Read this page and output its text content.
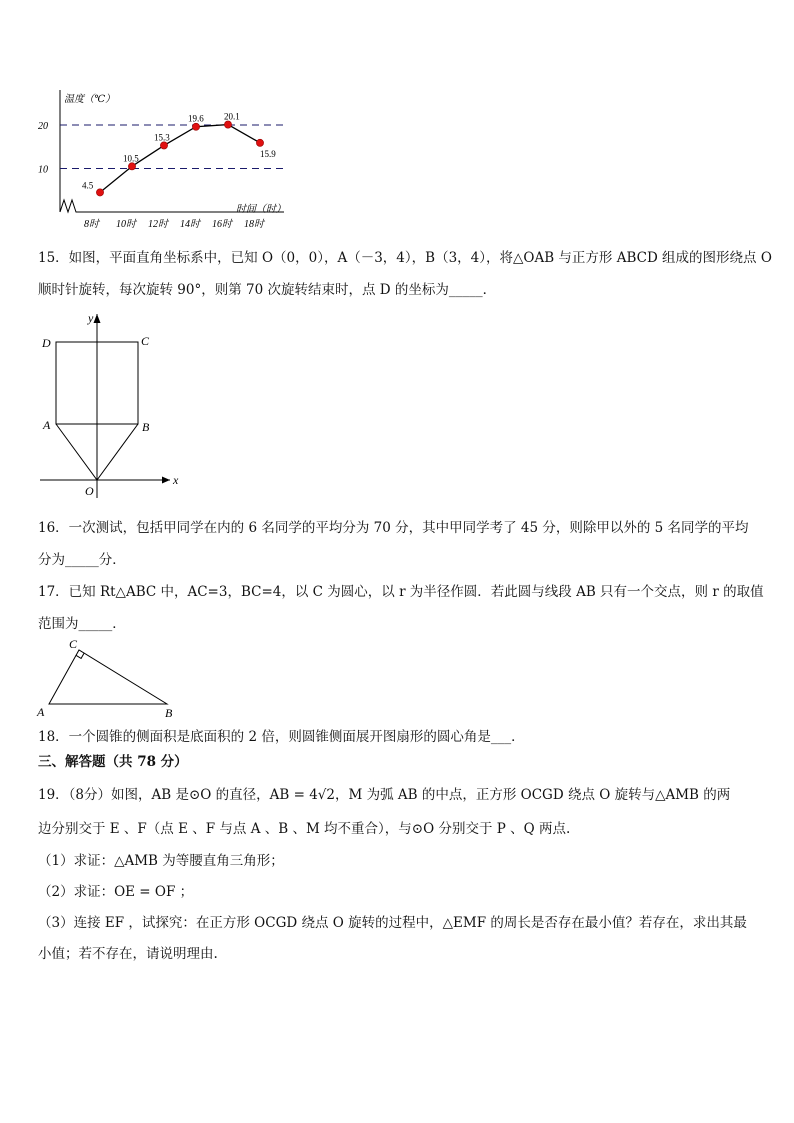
20
10
8时 10时 12时 14时 16时 18时
4.5
10.5
15.3
19.6 20.1
15.9
温度（℃）
时间（时）
15．如图，平面直角坐标系中，已知 O（0，0），A（－3，4），B（3，4），将△OAB 与正方形 ABCD 组成的图形绕点 O
顺时针旋转，每次旋转 90°，则第 70 次旋转结束时，点 D 的坐标为_____．
y
x
O
A	B
C
D
16．一次测试，包括甲同学在内的 6 名同学的平均分为 70 分，其中甲同学考了 45 分，则除甲以外的 5 名同学的平均
分为_____分．
17．已知 Rt△ABC 中，AC=3，BC=4，以 C 为圆心，以 r 为半径作圆．若此圆与线段 AB 只有一个交点，则 r 的取值
范围为_____．
C
A	B
18．一个圆锥的侧面积是底面积的 2 倍，则圆锥侧面展开图扇形的圆心角是___．
三、解答题（共 78 分）
19．（8分）如图，AB 是⊙O 的直径，AB = 4√2，M 为弧 AB 的中点，正方形 OCGD 绕点 O 旋转与△AMB 的两
边分别交于 E 、F（点 E 、F 与点 A 、B 、M 均不重合），与⊙O 分别交于 P 、Q 两点.
（1）求证：△AMB 为等腰直角三角形；
（2）求证：OE = OF ；
（3）连接 EF ，试探究：在正方形 OCGD 绕点 O 旋转的过程中，△EMF 的周长是否存在最小值？若存在，求出其最
小值；若不存在，请说明理由.
